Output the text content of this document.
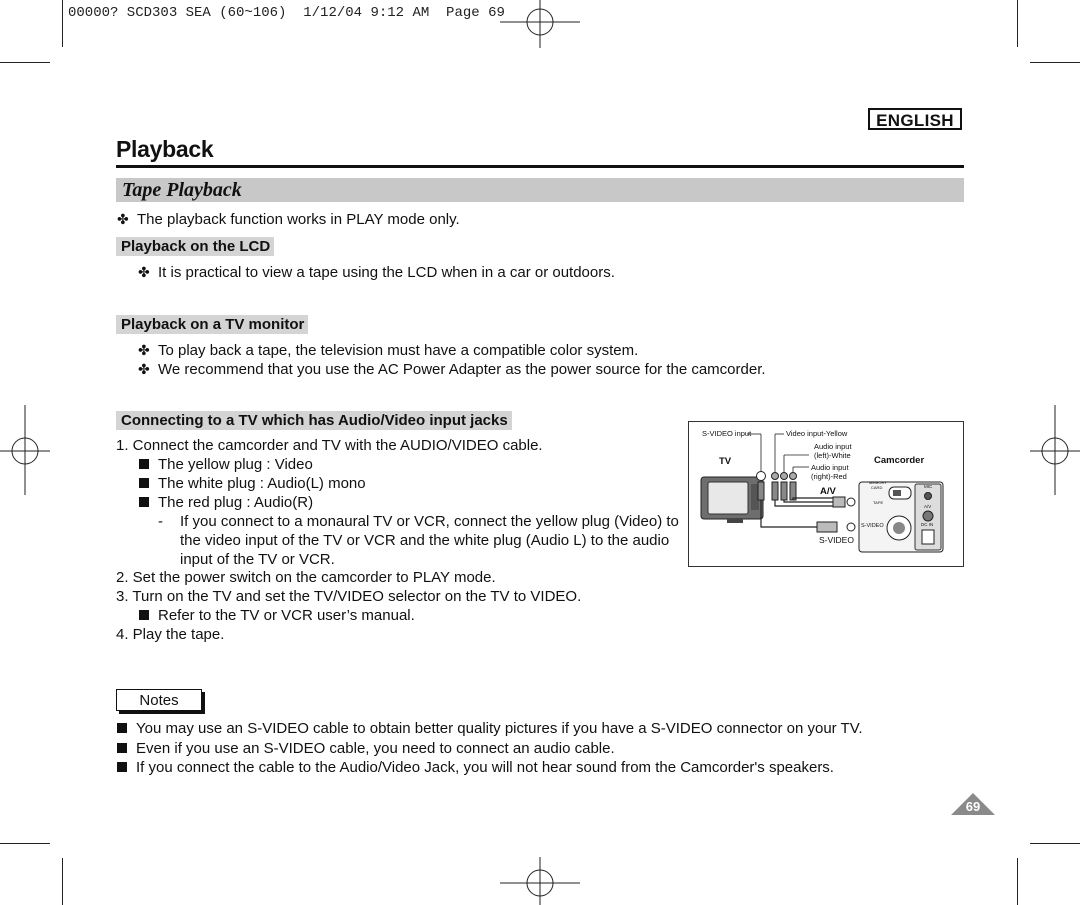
00000? SCD303 SEA (60~106)  1/12/04 9:12 AM  Page 69
ENGLISH
Playback
Tape Playback
✤ The playback function works in PLAY mode only.
Playback on the LCD
✤ It is practical to view a tape using the LCD when in a car or outdoors.
Playback on a TV monitor
✤ To play back a tape, the television must have a compatible color system.
✤ We recommend that you use the AC Power Adapter as the power source for the camcorder.
Connecting to a TV which has Audio/Video input jacks
1. Connect the camcorder and TV with the AUDIO/VIDEO cable.
The yellow plug : Video
The white plug : Audio(L) mono
The red plug : Audio(R)
- If you connect to a monaural TV or VCR, connect the yellow plug (Video) to
the video input of the TV or VCR and the white plug (Audio L) to the audio
input of the TV or VCR.
2. Set the power switch on the camcorder to PLAY mode.
3. Turn on the TV and set the TV/VIDEO selector on the TV to VIDEO.
Refer to the TV or VCR user’s manual.
4. Play the tape.
S-VIDEO input	Video input-Yellow
Audio input
(left)-White
Audio input
(right)-Red
TV	Camcorder
A/V
S-VIDEO
S-VIDEO
MIC
A/V
DC IN
MEMORY
CARD
TAPE
Notes
You may use an S-VIDEO cable to obtain better quality pictures if you have a S-VIDEO connector on your TV.
Even if you use an S-VIDEO cable, you need to connect an audio cable.
If you connect the cable to the Audio/Video Jack, you will not hear sound from the Camcorder's speakers.
69
